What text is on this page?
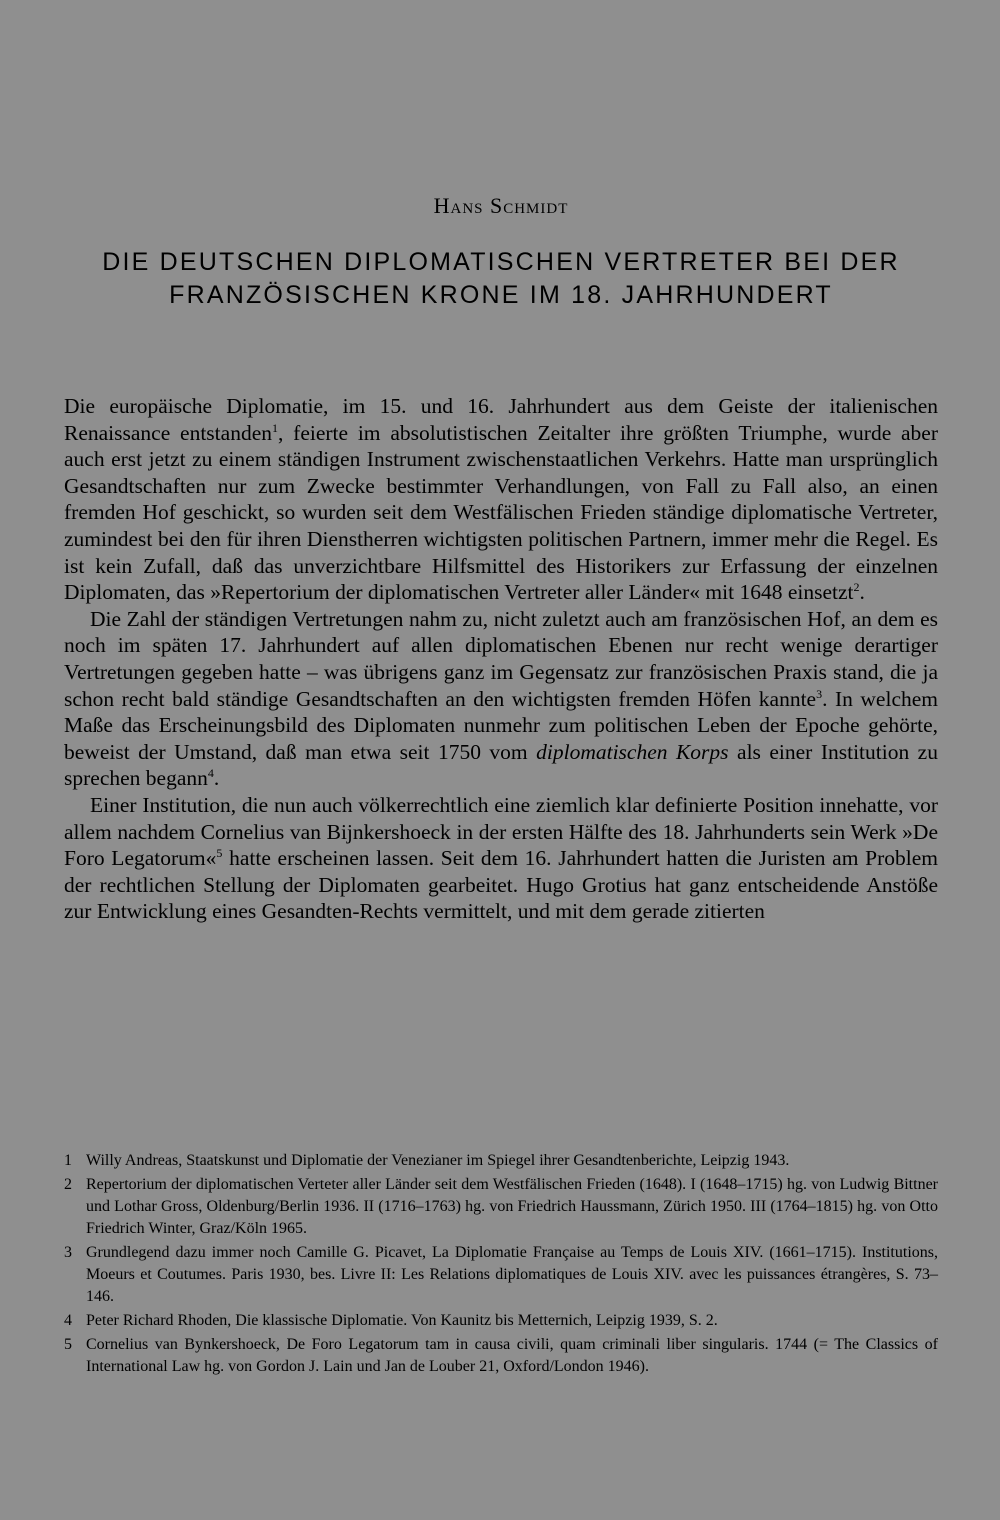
Hans Schmidt
DIE DEUTSCHEN DIPLOMATISCHEN VERTRETER BEI DER
FRANZÖSISCHEN KRONE IM 18. JAHRHUNDERT

Die europäische Diplomatie, im 15. und 16. Jahrhundert aus dem Geiste der italienischen Renaissance entstanden$^1$, feierte im absolutistischen Zeitalter ihre größten Triumphe, wurde aber auch erst jetzt zu einem ständigen Instrument zwischenstaatlichen Verkehrs. Hatte man ursprünglich Gesandtschaften nur zum Zwecke bestimmter Verhandlungen, von Fall zu Fall also, an einen fremden Hof geschickt, so wurden seit dem Westfälischen Frieden ständige diplomatische Vertreter, zumindest bei den für ihren Dienstherren wichtigsten politischen Partnern, immer mehr die Regel. Es ist kein Zufall, daß das unverzichtbare Hilfsmittel des Historikers zur Erfassung der einzelnen Diplomaten, das »Repertorium der diplomatischen Vertreter aller Länder« mit 1648 einsetzt$^2$.

Die Zahl der ständigen Vertretungen nahm zu, nicht zuletzt auch am französischen Hof, an dem es noch im späten 17. Jahrhundert auf allen diplomatischen Ebenen nur recht wenige derartiger Vertretungen gegeben hatte – was übrigens ganz im Gegensatz zur französischen Praxis stand, die ja schon recht bald ständige Gesandtschaften an den wichtigsten fremden Höfen kannte$^3$. In welchem Maße das Erscheinungsbild des Diplomaten nunmehr zum politischen Leben der Epoche gehörte, beweist der Umstand, daß man etwa seit 1750 vom diplomatischen Korps als einer Institution zu sprechen begann$^4$.

Einer Institution, die nun auch völkerrechtlich eine ziemlich klar definierte Position innehatte, vor allem nachdem Cornelius van Bijnkershoeck in der ersten Hälfte des 18. Jahrhunderts sein Werk »De Foro Legatorum«$^5$ hatte erscheinen lassen. Seit dem 16. Jahrhundert hatten die Juristen am Problem der rechtlichen Stellung der Diplomaten gearbeitet. Hugo Grotius hat ganz entscheidende Anstöße zur Entwicklung eines Gesandten-Rechts vermittelt, und mit dem gerade zitierten

1 Willy Andreas, Staatskunst und Diplomatie der Venezianer im Spiegel ihrer Gesandtenberichte, Leipzig 1943.
2 Repertorium der diplomatischen Verteter aller Länder seit dem Westfälischen Frieden (1648). I (1648–1715) hg. von Ludwig Bittner und Lothar Gross, Oldenburg/Berlin 1936. II (1716–1763) hg. von Friedrich Haussmann, Zürich 1950. III (1764–1815) hg. von Otto Friedrich Winter, Graz/Köln 1965.
3 Grundlegend dazu immer noch Camille G. Picavet, La Diplomatie Française au Temps de Louis XIV. (1661–1715). Institutions, Moeurs et Coutumes. Paris 1930, bes. Livre II: Les Relations diplomatiques de Louis XIV. avec les puissances étrangères, S. 73–146.
4 Peter Richard Rhoden, Die klassische Diplomatie. Von Kaunitz bis Metternich, Leipzig 1939, S. 2.
5 Cornelius van Bynkershoeck, De Foro Legatorum tam in causa civili, quam criminali liber singularis. 1744 (= The Classics of International Law hg. von Gordon J. Lain und Jan de Louber 21, Oxford/London 1946).
